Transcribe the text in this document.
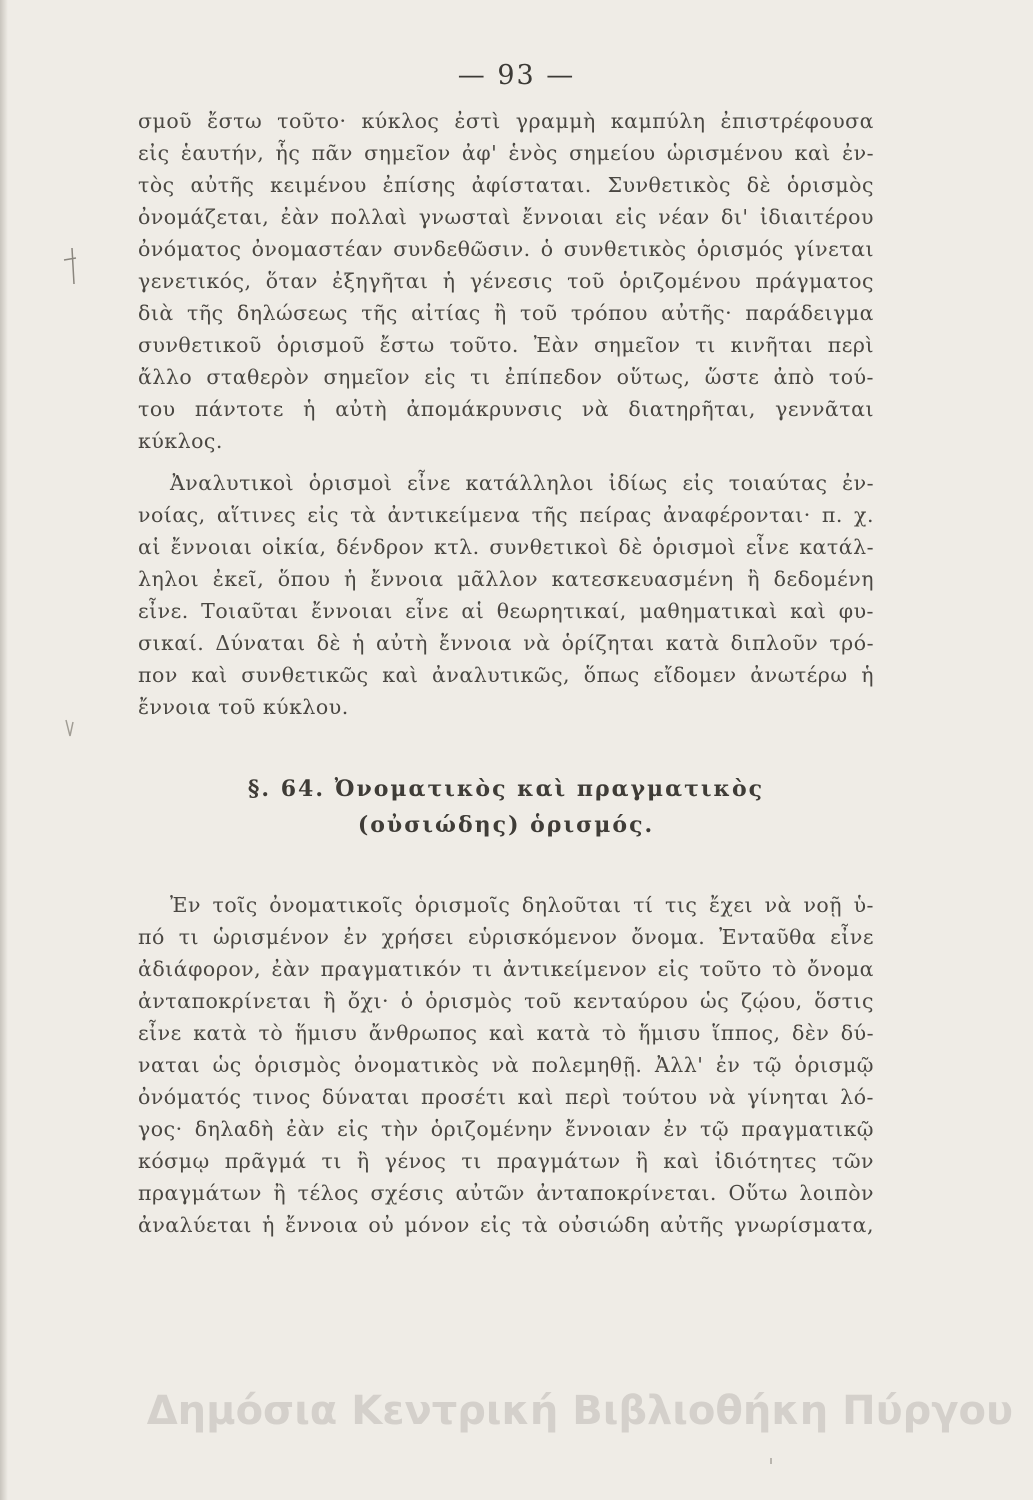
— 93 —
σμοῦ ἔστω τοῦτο· κύκλος ἐστὶ γραμμὴ καμπύλη ἐπιστρέφουσα
εἰς ἑαυτήν, ἧς πᾶν σημεῖον ἀφ' ἑνὸς σημείου ὡρισμένου καὶ ἐν-
τὸς αὐτῆς κειμένου ἐπίσης ἀφίσταται. Συνθετικὸς δὲ ὁρισμὸς
ὀνομάζεται, ἐὰν πολλαὶ γνωσταὶ ἔννοιαι εἰς νέαν δι' ἰδιαιτέρου
ὀνόματος ὀνομαστέαν συνδεθῶσιν. ὁ συνθετικὸς ὁρισμός γίνεται
γενετικός, ὅταν ἐξηγῆται ἡ γένεσις τοῦ ὁριζομένου πράγματος
διὰ τῆς δηλώσεως τῆς αἰτίας ἢ τοῦ τρόπου αὐτῆς· παράδειγμα
συνθετικοῦ ὁρισμοῦ ἔστω τοῦτο. Ἐὰν σημεῖον τι κινῆται περὶ
ἄλλο σταθερὸν σημεῖον εἰς τι ἐπίπεδον οὕτως, ὥστε ἀπὸ τού-
του πάντοτε ἡ αὐτὴ ἀπομάκρυνσις νὰ διατηρῆται, γεννᾶται
κύκλος.
Ἀναλυτικοὶ ὁρισμοὶ εἶνε κατάλληλοι ἰδίως εἰς τοιαύτας ἐν-
νοίας, αἵτινες εἰς τὰ ἀντικείμενα τῆς πείρας ἀναφέρονται· π. χ.
αἱ ἔννοιαι οἰκία, δένδρον κτλ. συνθετικοὶ δὲ ὁρισμοὶ εἶνε κατάλ-
ληλοι ἐκεῖ, ὅπου ἡ ἔννοια μᾶλλον κατεσκευασμένη ἢ δεδομένη
εἶνε. Τοιαῦται ἔννοιαι εἶνε αἱ θεωρητικαί, μαθηματικαὶ καὶ φυ-
σικαί. Δύναται δὲ ἡ αὐτὴ ἔννοια νὰ ὁρίζηται κατὰ διπλοῦν τρό-
πον καὶ συνθετικῶς καὶ ἀναλυτικῶς, ὅπως εἴδομεν ἀνωτέρω ἡ
ἔννοια τοῦ κύκλου.
§. 64. Ὀνοματικὸς καὶ πραγματικὸς
(οὐσιώδης) ὁρισμός.
Ἐν τοῖς ὀνοματικοῖς ὁρισμοῖς δηλοῦται τί τις ἔχει νὰ νοῇ ὑ-
πό τι ὡρισμένον ἐν χρήσει εὑρισκόμενον ὄνομα. Ἐνταῦθα εἶνε
ἀδιάφορον, ἐὰν πραγματικόν τι ἀντικείμενον εἰς τοῦτο τὸ ὄνομα
ἀνταποκρίνεται ἢ ὄχι· ὁ ὁρισμὸς τοῦ κενταύρου ὡς ζῴου, ὅστις
εἶνε κατὰ τὸ ἥμισυ ἄνθρωπος καὶ κατὰ τὸ ἥμισυ ἵππος, δὲν δύ-
ναται ὡς ὁρισμὸς ὀνοματικὸς νὰ πολεμηθῇ. Ἀλλ' ἐν τῷ ὁρισμῷ
ὀνόματός τινος δύναται προσέτι καὶ περὶ τούτου νὰ γίνηται λό-
γος· δηλαδὴ ἐὰν εἰς τὴν ὁριζομένην ἔννοιαν ἐν τῷ πραγματικῷ
κόσμῳ πρᾶγμά τι ἢ γένος τι πραγμάτων ἢ καὶ ἰδιότητες τῶν
πραγμάτων ἢ τέλος σχέσις αὐτῶν ἀνταποκρίνεται. Οὕτω λοιπὸν
ἀναλύεται ἡ ἔννοια οὐ μόνον εἰς τὰ οὐσιώδη αὐτῆς γνωρίσματα,
Δημόσια Κεντρική Βιβλιοθήκη Πύργου
